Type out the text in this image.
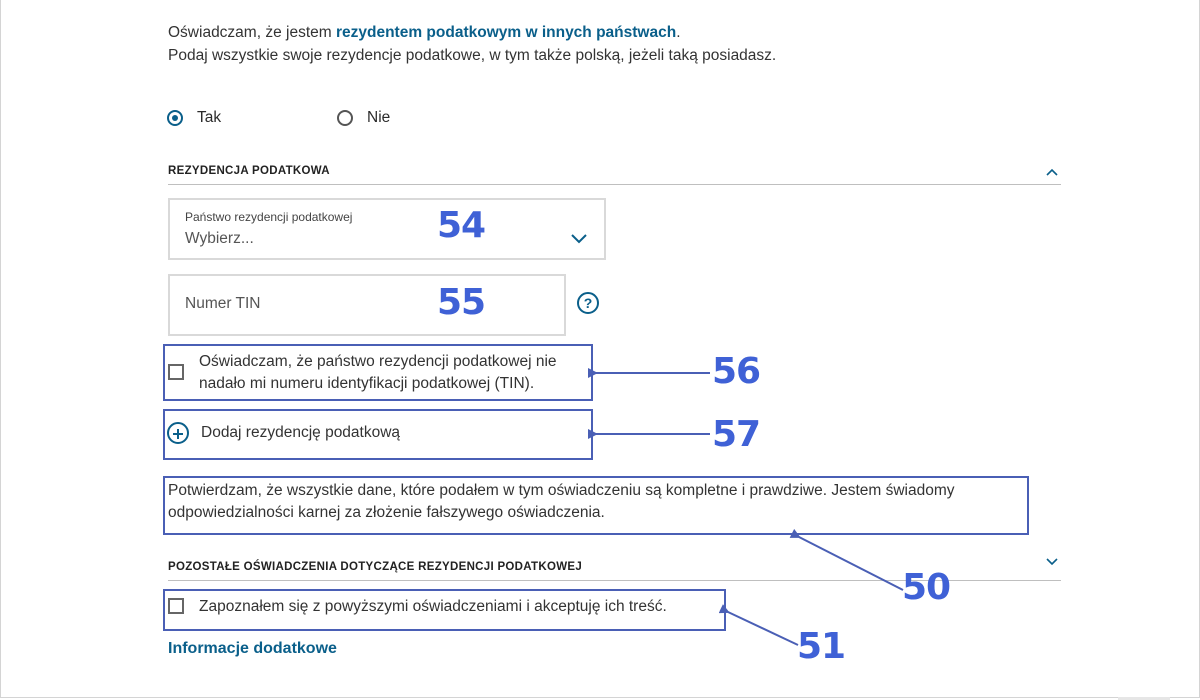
Oświadczam, że jestem rezydentem podatkowym w innych państwach.
Podaj wszystkie swoje rezydencje podatkowe, w tym także polską, jeżeli taką posiadasz.
Tak	Nie
REZYDENCJA PODATKOWA
Państwo rezydencji podatkowej
Wybierz...
Numer TIN	?
Oświadczam, że państwo rezydencji podatkowej nie
nadało mi numeru identyfikacji podatkowej (TIN).
Dodaj rezydencję podatkową
Potwierdzam, że wszystkie dane, które podałem w tym oświadczeniu są kompletne i prawdziwe. Jestem świadomy
odpowiedzialności karnej za złożenie fałszywego oświadczenia.
POZOSTAŁE OŚWIADCZENIA DOTYCZĄCE REZYDENCJI PODATKOWEJ
Zapoznałem się z powyższymi oświadczeniami i akceptuję ich treść.
Informacje dodatkowe
54
55
56
57
50
51
